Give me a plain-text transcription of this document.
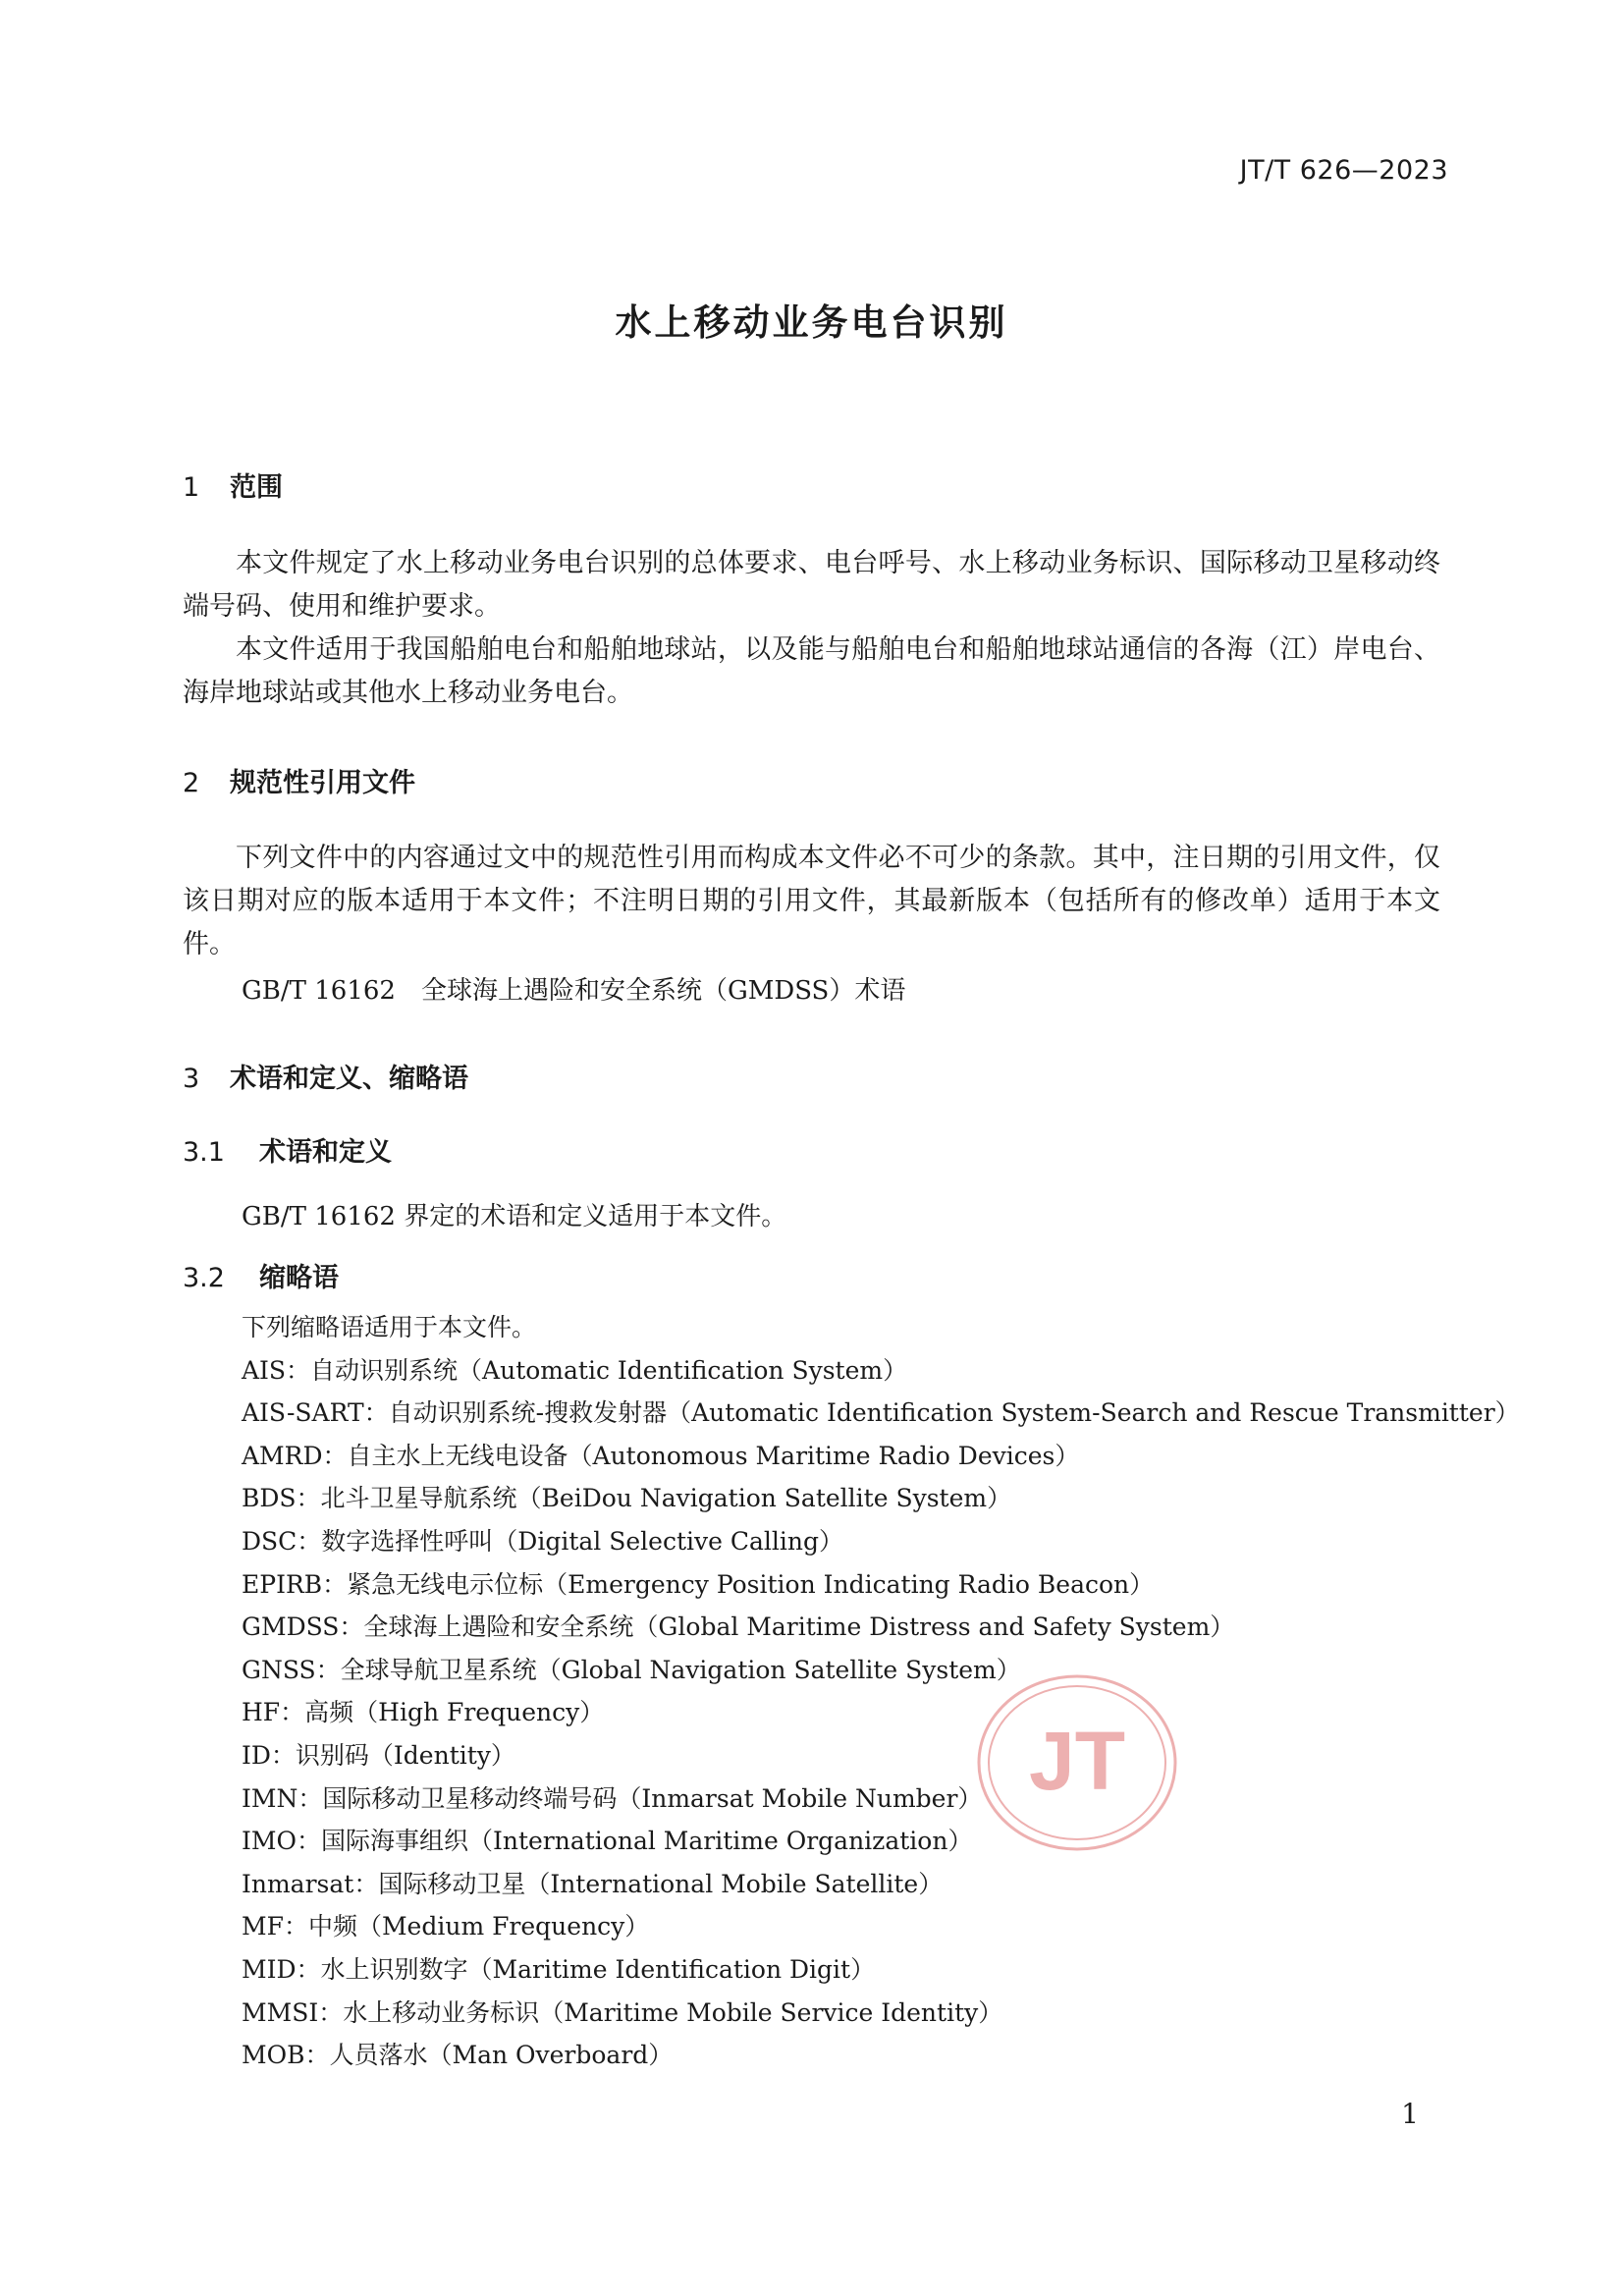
JT/T 626—2023
水上移动业务电台识别
1 范围

本文件规定了水上移动业务电台识别的总体要求、电台呼号、水上移动业务标识、国际移动卫星移动终端号码、使用和维护要求。

本文件适用于我国船舶电台和船舶地球站，以及能与船舶电台和船舶地球站通信的各海（江）岸电台、海岸地球站或其他水上移动业务电台。

2 规范性引用文件

下列文件中的内容通过文中的规范性引用而构成本文件必不可少的条款。其中，注日期的引用文件，仅该日期对应的版本适用于本文件；不注明日期的引用文件，其最新版本（包括所有的修改单）适用于本文件。

GB/T 16162　全球海上遇险和安全系统（GMDSS）术语
3 术语和定义、缩略语
3.1 术语和定义
GB/T 16162 界定的术语和定义适用于本文件。
3.2 缩略语
下列缩略语适用于本文件。
AIS：自动识别系统（Automatic Identification System）
AIS-SART：自动识别系统-搜救发射器（Automatic Identification System-Search and Rescue Transmitter）
AMRD：自主水上无线电设备（Autonomous Maritime Radio Devices）
BDS：北斗卫星导航系统（BeiDou Navigation Satellite System）
DSC：数字选择性呼叫（Digital Selective Calling）
EPIRB：紧急无线电示位标（Emergency Position Indicating Radio Beacon）
GMDSS：全球海上遇险和安全系统（Global Maritime Distress and Safety System）
GNSS：全球导航卫星系统（Global Navigation Satellite System）
HF：高频（High Frequency）
ID：识别码（Identity）
IMN：国际移动卫星移动终端号码（Inmarsat Mobile Number）
IMO：国际海事组织（International Maritime Organization）
Inmarsat：国际移动卫星（International Mobile Satellite）
MF：中频（Medium Frequency）
MID：水上识别数字（Maritime Identification Digit）
MMSI：水上移动业务标识（Maritime Mobile Service Identity）
MOB：人员落水（Man Overboard）
JT
1
